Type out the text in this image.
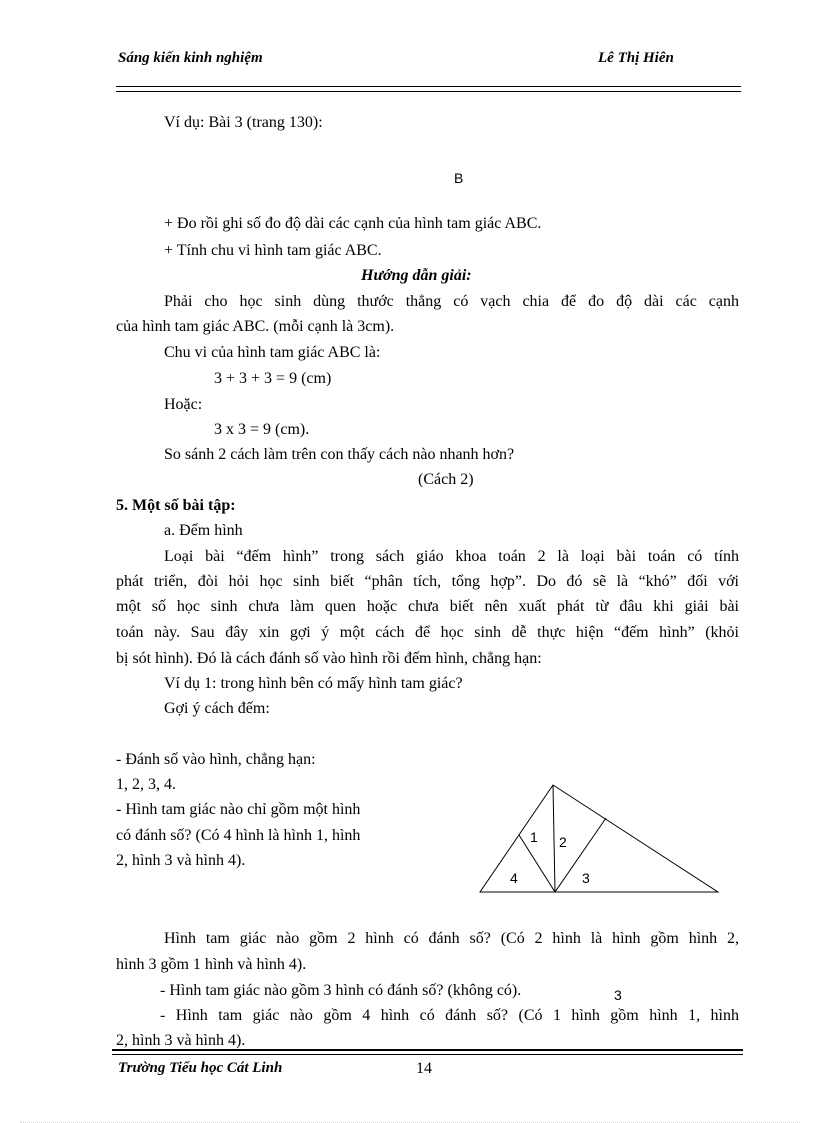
Sáng kiến kinh nghiệm	Lê Thị Hiên
Ví dụ: Bài 3 (trang 130):
B
+ Đo rồi ghi số đo độ dài các cạnh của hình tam giác ABC.
+ Tính chu vi hình tam giác ABC.
Hướng dẫn giải:
Phải cho học sinh dùng thước thẳng có vạch chia để đo độ dài các cạnh
của hình tam giác ABC. (mỗi cạnh là 3cm).
Chu vi của hình tam giác ABC là:
3 + 3 + 3 = 9 (cm)
Hoặc:
3 x 3 = 9 (cm).
So sánh 2 cách làm trên con thấy cách nào nhanh hơn?
(Cách 2)
5. Một số bài tập:
a. Đếm hình
Loại bài “đếm hình” trong sách giáo khoa toán 2 là loại bài toán có tính
phát triển, đòi hỏi học sinh biết “phân tích, tổng hợp”. Do đó sẽ là “khó” đối với
một số học sinh chưa làm quen hoặc chưa biết nên xuất phát từ đâu khi giải bài
toán này. Sau đây xin gợi ý một cách để học sinh dễ thực hiện “đếm hình” (khỏi
bị sót hình). Đó là cách đánh số vào hình rồi đếm hình, chẳng hạn:
Ví dụ 1: trong hình bên có mấy hình tam giác?
Gợi ý cách đếm:
- Đánh số vào hình, chẳng hạn:
1, 2, 3, 4.
- Hình tam giác nào chỉ gồm một hình
có đánh số? (Có 4 hình là hình 1, hình
2, hình 3 và hình 4).
1 2
3
4
Hình tam giác nào gồm 2 hình có đánh số? (Có 2 hình là hình gồm hình 2,
hình 3 gồm 1 hình và hình 4).
- Hình tam giác nào gồm 3 hình có đánh số? (không có).	3
- Hình tam giác nào gồm 4 hình có đánh số? (Có 1 hình gồm hình 1, hình
2, hình 3 và hình 4).
Trường Tiểu học Cát Linh	14
